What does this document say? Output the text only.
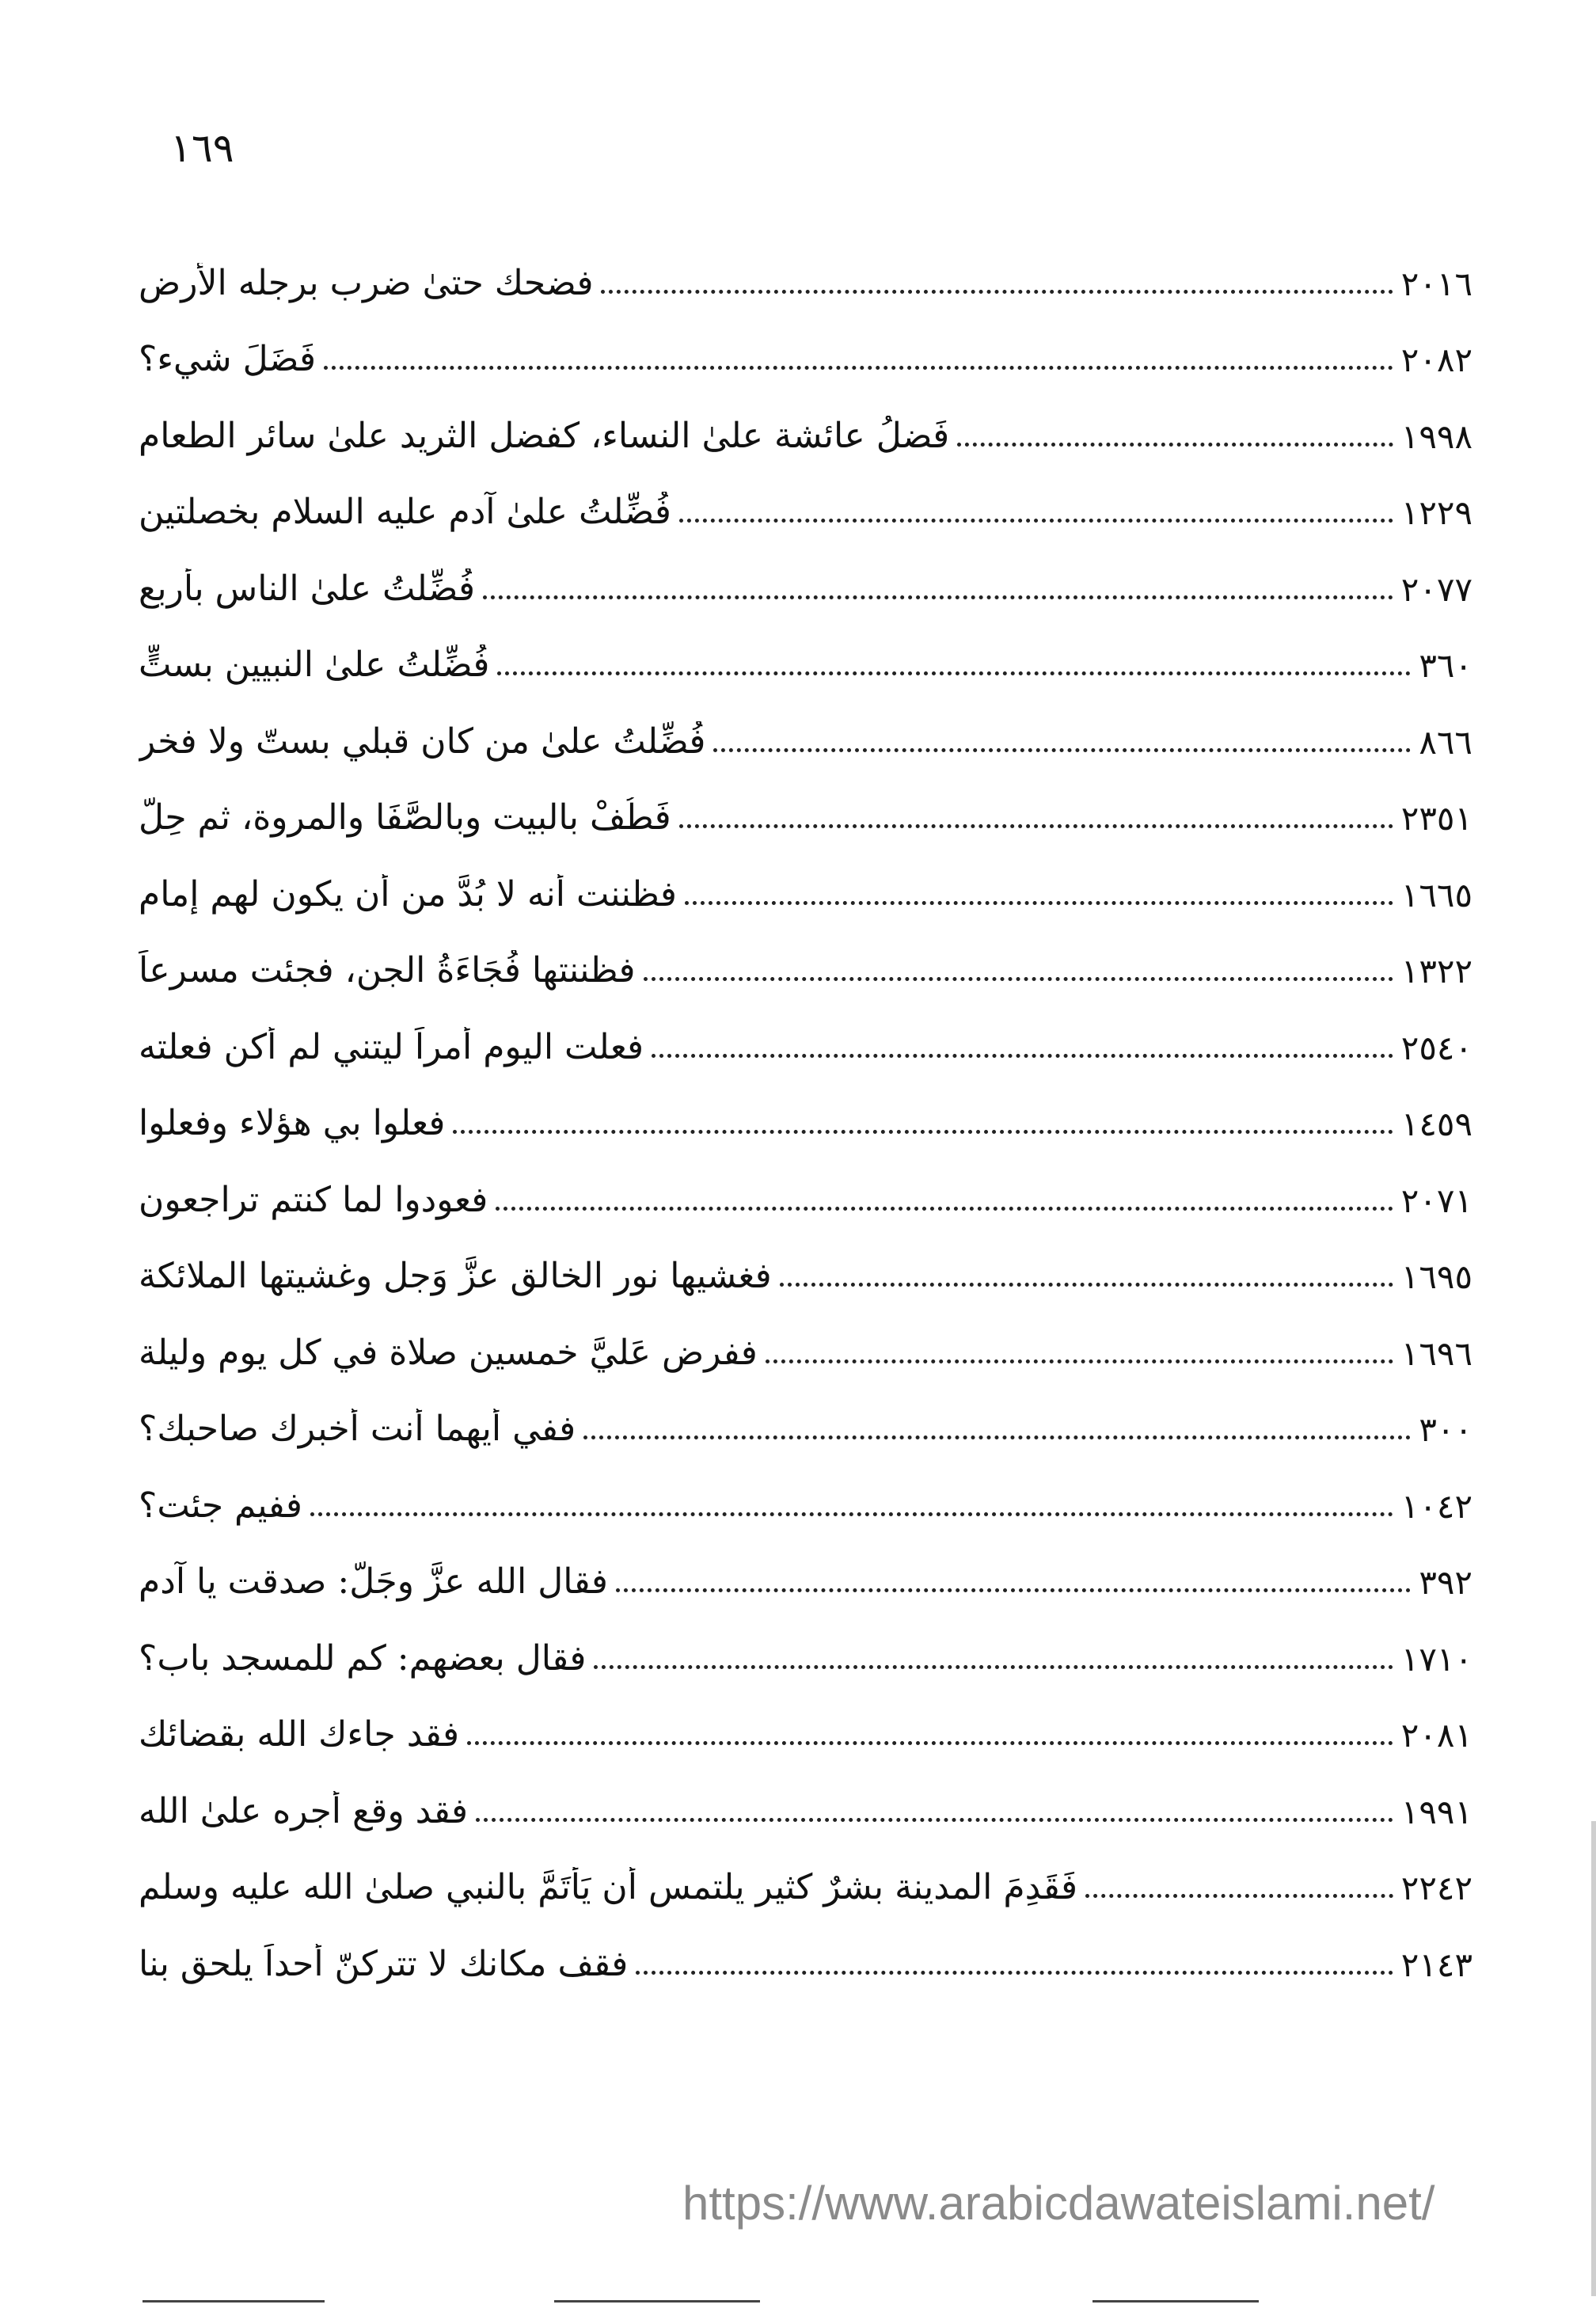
١٦٩
فضحك حتىٰ ضرب برجله الأرض	٢٠١٦
فَضَلَ شيء؟	٢٠٨٢
فَضلُ عائشة علىٰ النساء، كفضل الثريد علىٰ سائر الطعام	١٩٩٨
فُضِّلتُ علىٰ آدم عليه السلام بخصلتين	١٢٢٩
فُضِّلتُ علىٰ الناس بأربع	٢٠٧٧
فُضِّلتُ علىٰ النبيين بستٍّ	٣٦٠
فُضِّلتُ علىٰ من كان قبلي بستّ ولا فخر	٨٦٦
فَطُفْ بالبيت وبالصَّفَا والمروة، ثم حِلّ	٢٣٥١
فظننت أنه لا بُدَّ من أن يكون لهم إمام	١٦٦٥
فظننتها فُجَاءَةُ الجن، فجئت مسرعاً	١٣٢٢
فعلت اليوم أمراً ليتني لم أكن فعلته	٢٥٤٠
فعلوا بي هؤلاء وفعلوا	١٤٥٩
فعودوا لما كنتم تراجعون	٢٠٧١
فغشيها نور الخالق عزَّ وَجل وغشيتها الملائكة	١٦٩٥
ففرض عَليَّ خمسين صلاة في كل يوم وليلة	١٦٩٦
ففي أيهما أنت أخبرك صاحبك؟	٣٠٠
ففيم جئت؟	١٠٤٢
فقال الله عزَّ وجَلَّ: صدقت يا آدم	٣٩٢
فقال بعضهم: كم للمسجد باب؟	١٧١٠
فقد جاءك الله بقضائك	٢٠٨١
فقد وقع أجره علىٰ الله	١٩٩١
فَقَدِمَ المدينة بشرٌ كثير يلتمس أن يَأتَمَّ بالنبي صلىٰ الله عليه وسلم	٢٢٤٢
فقف مكانك لا تتركنّ أحداً يلحق بنا	٢١٤٣
https://www.arabicdawateislami.net/
